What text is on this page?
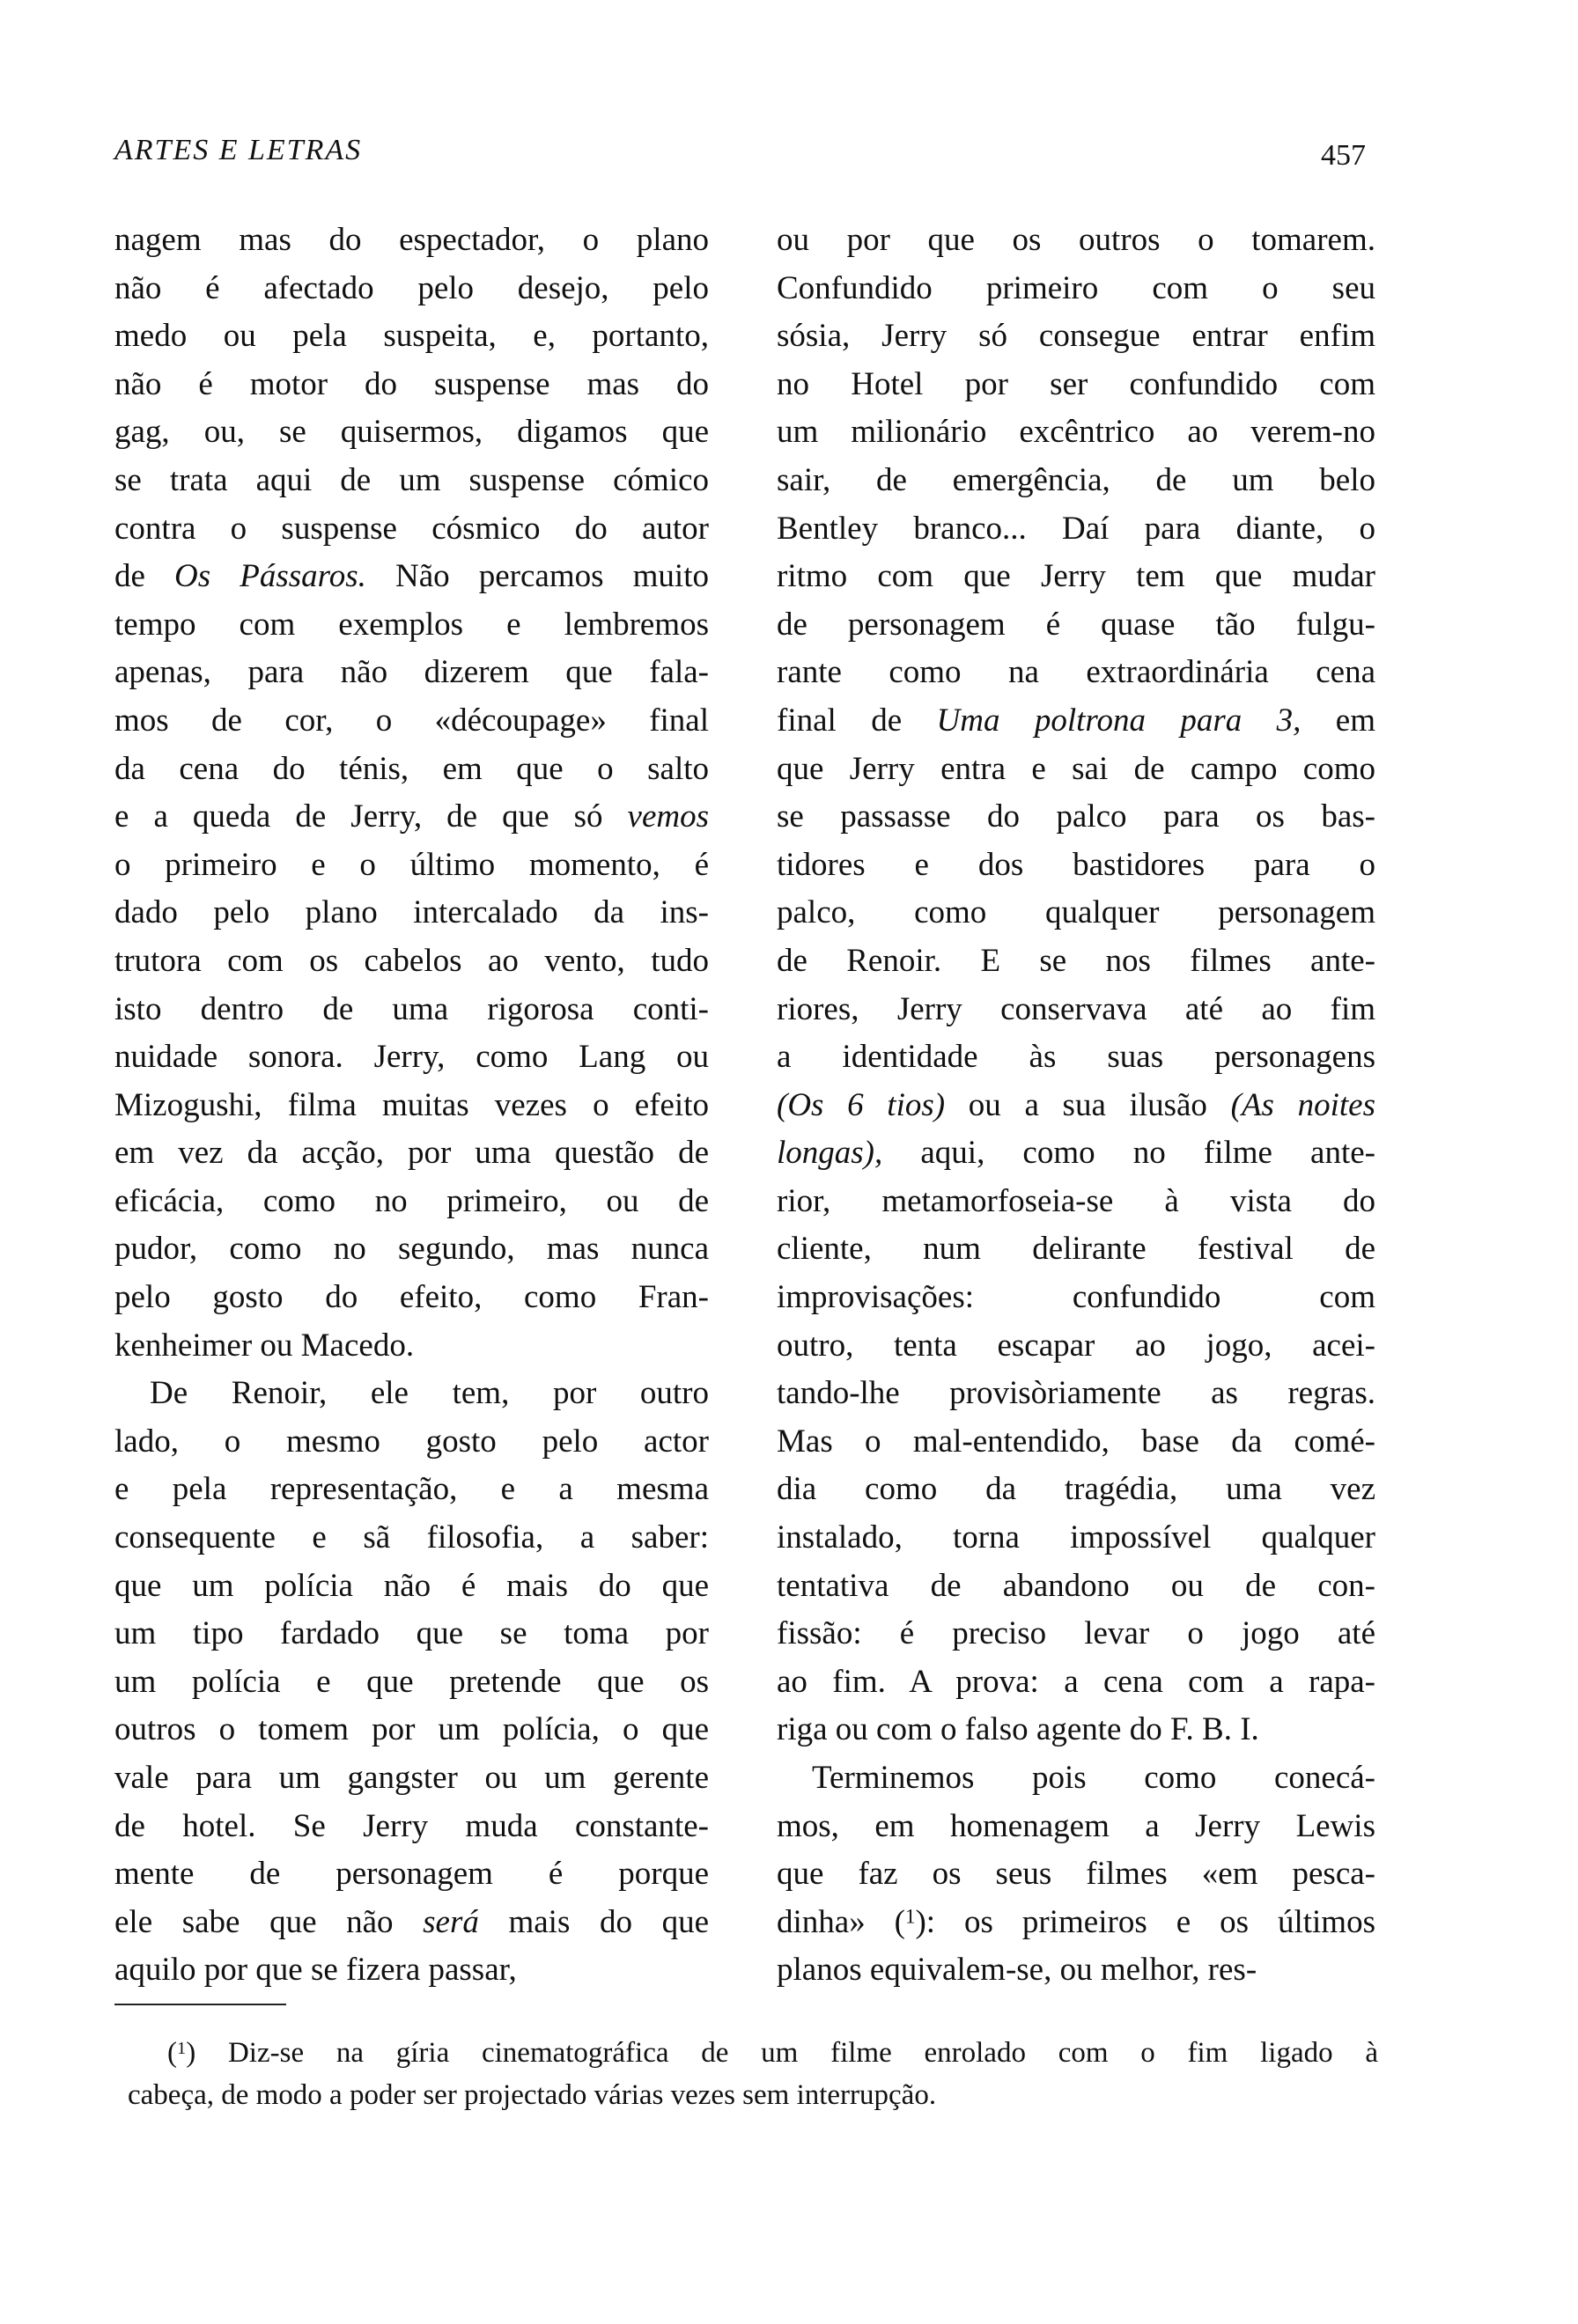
ARTES E LETRAS	457
nagem mas do espectador, o plano
não é afectado pelo desejo, pelo
medo ou pela suspeita, e, portanto,
não é motor do suspense mas do
gag, ou, se quisermos, digamos que
se trata aqui de um suspense cómico
contra o suspense cósmico do autor
de Os Pássaros. Não percamos muito
tempo com exemplos e lembremos
apenas, para não dizerem que fala-
mos de cor, o «découpage» final
da cena do ténis, em que o salto
e a queda de Jerry, de que só vemos
o primeiro e o último momento, é
dado pelo plano intercalado da ins-
trutora com os cabelos ao vento, tudo
isto dentro de uma rigorosa conti-
nuidade sonora. Jerry, como Lang ou
Mizogushi, filma muitas vezes o efeito
em vez da acção, por uma questão de
eficácia, como no primeiro, ou de
pudor, como no segundo, mas nunca
pelo gosto do efeito, como Fran-
kenheimer ou Macedo.
De Renoir, ele tem, por outro
lado, o mesmo gosto pelo actor
e pela representação, e a mesma
consequente e sã filosofia, a saber:
que um polícia não é mais do que
um tipo fardado que se toma por
um polícia e que pretende que os
outros o tomem por um polícia, o que
vale para um gangster ou um gerente
de hotel. Se Jerry muda constante-
mente de personagem é porque
ele sabe que não será mais do que
aquilo por que se fizera passar,
ou por que os outros o tomarem.
Confundido primeiro com o seu
sósia, Jerry só consegue entrar enfim
no Hotel por ser confundido com
um milionário excêntrico ao verem-no
sair, de emergência, de um belo
Bentley branco... Daí para diante, o
ritmo com que Jerry tem que mudar
de personagem é quase tão fulgu-
rante como na extraordinária cena
final de Uma poltrona para 3, em
que Jerry entra e sai de campo como
se passasse do palco para os bas-
tidores e dos bastidores para o
palco, como qualquer personagem
de Renoir. E se nos filmes ante-
riores, Jerry conservava até ao fim
a identidade às suas personagens
(Os 6 tios) ou a sua ilusão (As noites
longas), aqui, como no filme ante-
rior, metamorfoseia-se à vista do
cliente, num delirante festival de
improvisações: confundido com
outro, tenta escapar ao jogo, acei-
tando-lhe provisòriamente as regras.
Mas o mal-entendido, base da comé-
dia como da tragédia, uma vez
instalado, torna impossível qualquer
tentativa de abandono ou de con-
fissão: é preciso levar o jogo até
ao fim. A prova: a cena com a rapa-
riga ou com o falso agente do F. B. I.
Terminemos pois como conecá-
mos, em homenagem a Jerry Lewis
que faz os seus filmes «em pesca-
dinha» ($^1$): os primeiros e os últimos
planos equivalem-se, ou melhor, res-
($^1$) Diz-se na gíria cinematográfica de um filme enrolado com o fim ligado à
cabeça, de modo a poder ser projectado várias vezes sem interrupção.
